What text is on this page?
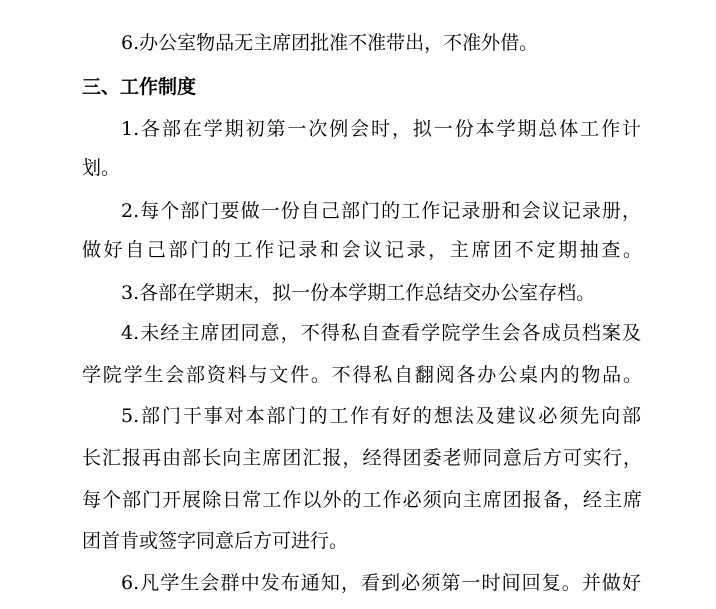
6.办公室物品无主席团批准不准带出，不准外借。
三、工作制度
1.各部在学期初第一次例会时，拟一份本学期总体工作计
划。
2.每个部门要做一份自己部门的工作记录册和会议记录册，
做好自己部门的工作记录和会议记录，主席团不定期抽查。
3.各部在学期末，拟一份本学期工作总结交办公室存档。
4.未经主席团同意，不得私自查看学院学生会各成员档案及
学院学生会部资料与文件。不得私自翻阅各办公桌内的物品。
5.部门干事对本部门的工作有好的想法及建议必须先向部
长汇报再由部长向主席团汇报，经得团委老师同意后方可实行，
每个部门开展除日常工作以外的工作必须向主席团报备，经主席
团首肯或签字同意后方可进行。
6.凡学生会群中发布通知，看到必须第一时间回复。并做好
